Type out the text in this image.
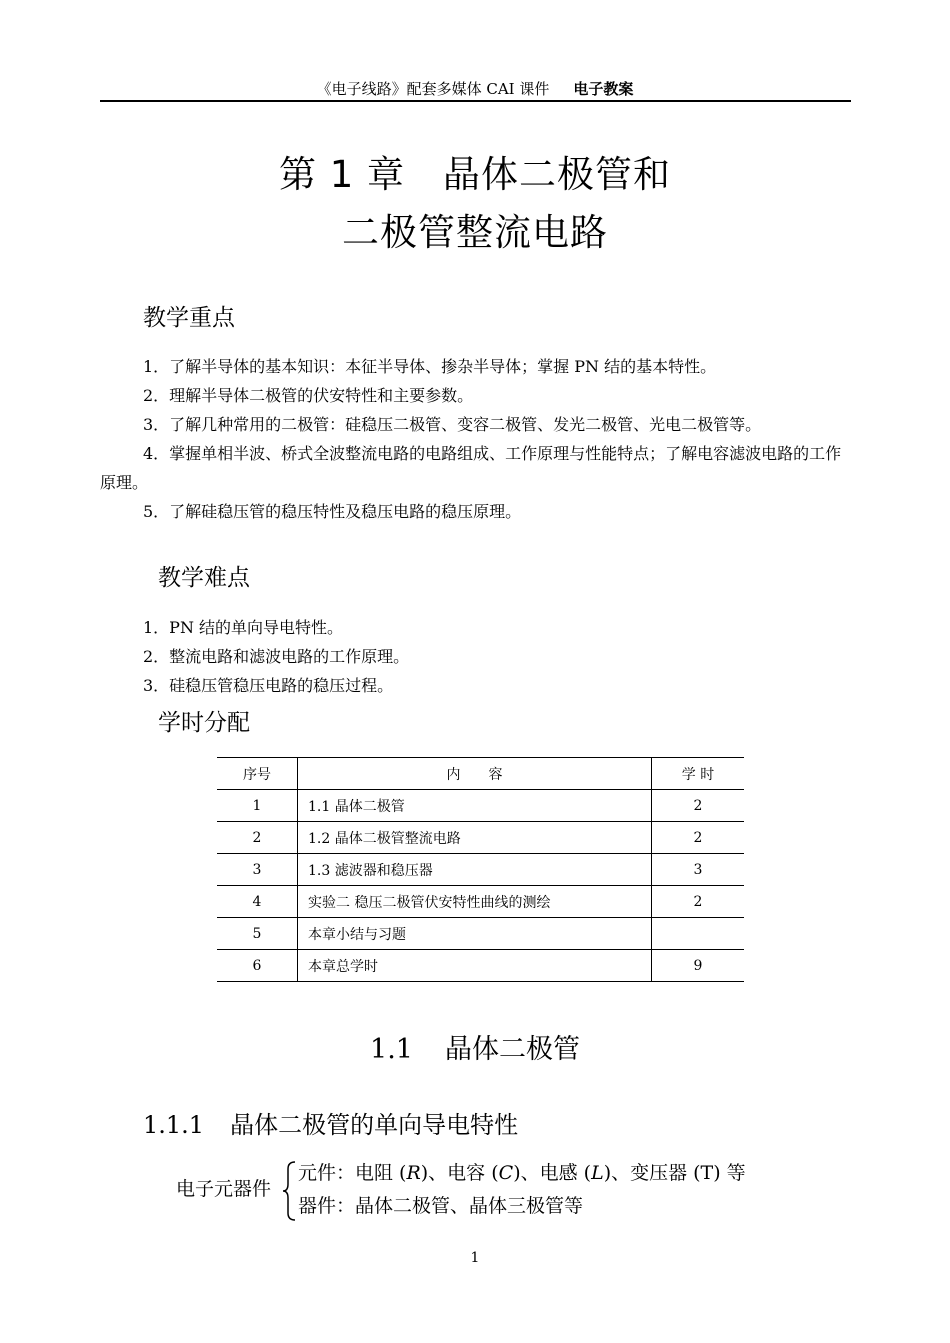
《电子线路》配套多媒体 CAI 课件 电子教案
第 1 章　晶体二极管和
二极管整流电路
教学重点

1．了解半导体的基本知识：本征半导体、掺杂半导体；掌握 PN 结的基本特性。

2．理解半导体二极管的伏安特性和主要参数。

3．了解几种常用的二极管：硅稳压二极管、变容二极管、发光二极管、光电二极管等。

4．掌握单相半波、桥式全波整流电路的电路组成、工作原理与性能特点；了解电容滤波电路的工作原理。

5．了解硅稳压管的稳压特性及稳压电路的稳压原理。

教学难点

1．PN 结的单向导电特性。

2．整流电路和滤波电路的工作原理。

3．硅稳压管稳压电路的稳压过程。

学时分配
序号	内　　容	学 时
1	1.1 晶体二极管	2
2	1.2 晶体二极管整流电路	2
3	1.3 滤波器和稳压器	3
4	实验二 稳压二极管伏安特性曲线的测绘	2
5	本章小结与习题	
6	本章总学时	9
1.1 晶体二极管
1.1.1 晶体二极管的单向导电特性
电子元器件
元件：电阻 (R)、电容 (C)、电感 (L)、变压器 (T) 等
器件：晶体二极管、晶体三极管等
1
